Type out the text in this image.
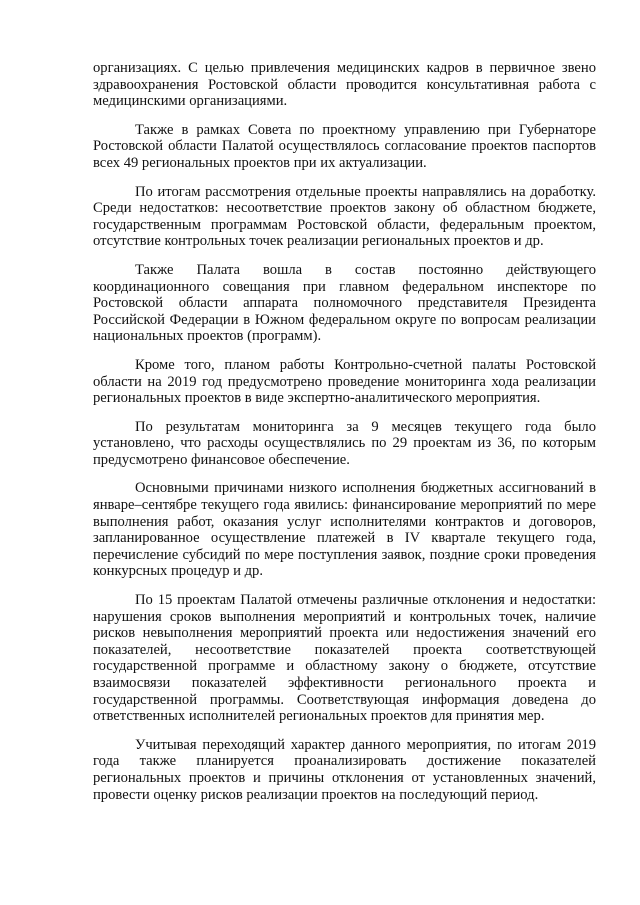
организациях. С целью привлечения медицинских кадров в первичное звено здравоохранения Ростовской области проводится консультативная работа с медицинскими организациями.

Также в рамках Совета по проектному управлению при Губернаторе Ростовской области Палатой осуществлялось согласование проектов паспортов всех 49 региональных проектов при их актуализации.

По итогам рассмотрения отдельные проекты направлялись на доработку. Среди недостатков: несоответствие проектов закону об областном бюджете, государственным программам Ростовской области, федеральным проектом, отсутствие контрольных точек реализации региональных проектов и др.

Также Палата вошла в состав постоянно действующего координационного совещания при главном федеральном инспекторе по Ростовской области аппарата полномочного представителя Президента Российской Федерации в Южном федеральном округе по вопросам реализации национальных проектов (программ).

Кроме того, планом работы Контрольно-счетной палаты Ростовской области на 2019 год предусмотрено проведение мониторинга хода реализации региональных проектов в виде экспертно-аналитического мероприятия.

По результатам мониторинга за 9 месяцев текущего года было установлено, что расходы осуществлялись по 29 проектам из 36, по которым предусмотрено финансовое обеспечение.

Основными причинами низкого исполнения бюджетных ассигнований в январе–сентябре текущего года явились: финансирование мероприятий по мере выполнения работ, оказания услуг исполнителями контрактов и договоров, запланированное осуществление платежей в IV квартале текущего года, перечисление субсидий по мере поступления заявок, поздние сроки проведения конкурсных процедур и др.

По 15 проектам Палатой отмечены различные отклонения и недостатки: нарушения сроков выполнения мероприятий и контрольных точек, наличие рисков невыполнения мероприятий проекта или недостижения значений его показателей, несоответствие показателей проекта соответствующей государственной программе и областному закону о бюджете, отсутствие взаимосвязи показателей эффективности регионального проекта и государственной программы. Соответствующая информация доведена до ответственных исполнителей региональных проектов для принятия мер.

Учитывая переходящий характер данного мероприятия, по итогам 2019 года также планируется проанализировать достижение показателей региональных проектов и причины отклонения от установленных значений, провести оценку рисков реализации проектов на последующий период.
